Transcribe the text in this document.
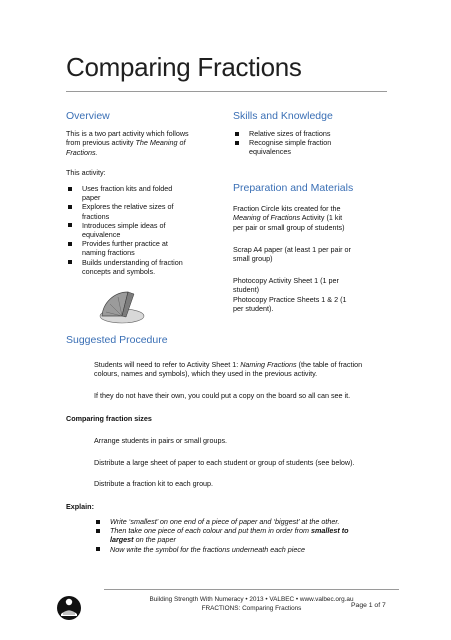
Comparing Fractions
Overview
This is a two part activity which follows
from previous activity The Meaning of
Fractions.
This activity:
Uses fraction kits and folded
paper
Explores the relative sizes of
fractions
Introduces simple ideas of
equivalence
Provides further practice at
naming fractions
Builds understanding of fraction
concepts and symbols.
Skills and Knowledge
Relative sizes of fractions
Recognise simple fraction
equivalences
Preparation and Materials
Fraction Circle kits created for the
Meaning of Fractions Activity (1 kit
per pair or small group of students)
Scrap A4 paper (at least 1 per pair or
small group)
Photocopy Activity Sheet 1 (1 per
student)
Photocopy Practice Sheets 1 & 2 (1
per student).
Suggested Procedure
Students will need to refer to Activity Sheet 1: Naming Fractions (the table of fraction
colours, names and symbols), which they used in the previous activity.
If they do not have their own, you could put a copy on the board so all can see it.
Comparing fraction sizes
Arrange students in pairs or small groups.
Distribute a large sheet of paper to each student or group of students (see below).
Distribute a fraction kit to each group.
Explain:
Write ‘smallest’ on one end of a piece of paper and ‘biggest’ at the other.
Then take one piece of each colour and put them in order from smallest to
largest on the paper
Now write the symbol for the fractions underneath each piece
Building Strength With Numeracy • 2013 • VALBEC • www.valbec.org.au
FRACTIONS: Comparing Fractions	Page 1 of 7
